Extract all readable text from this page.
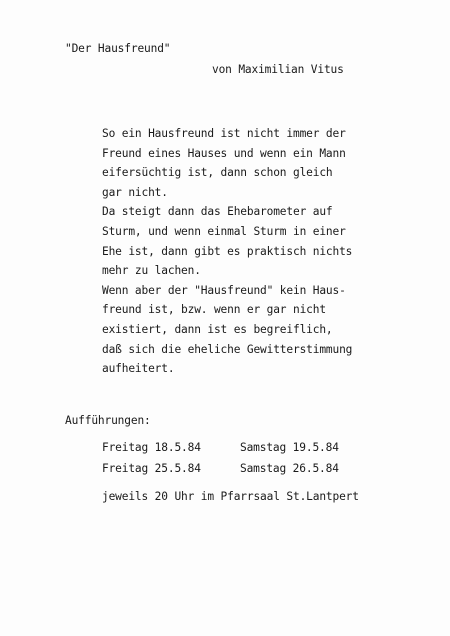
"Der Hausfreund"
von Maximilian Vitus
So ein Hausfreund ist nicht immer der
Freund eines Hauses und wenn ein Mann
eifersüchtig ist, dann schon gleich
gar nicht.
Da steigt dann das Ehebarometer auf
Sturm, und wenn einmal Sturm in einer
Ehe ist, dann gibt es praktisch nichts
mehr zu lachen.
Wenn aber der "Hausfreund" kein Haus-
freund ist, bzw. wenn er gar nicht
existiert, dann ist es begreiflich,
daß sich die eheliche Gewitterstimmung
aufheitert.
Aufführungen:
Freitag 18.5.84	Samstag 19.5.84
Freitag 25.5.84	Samstag 26.5.84
jeweils 20 Uhr im Pfarrsaal St.Lantpert
